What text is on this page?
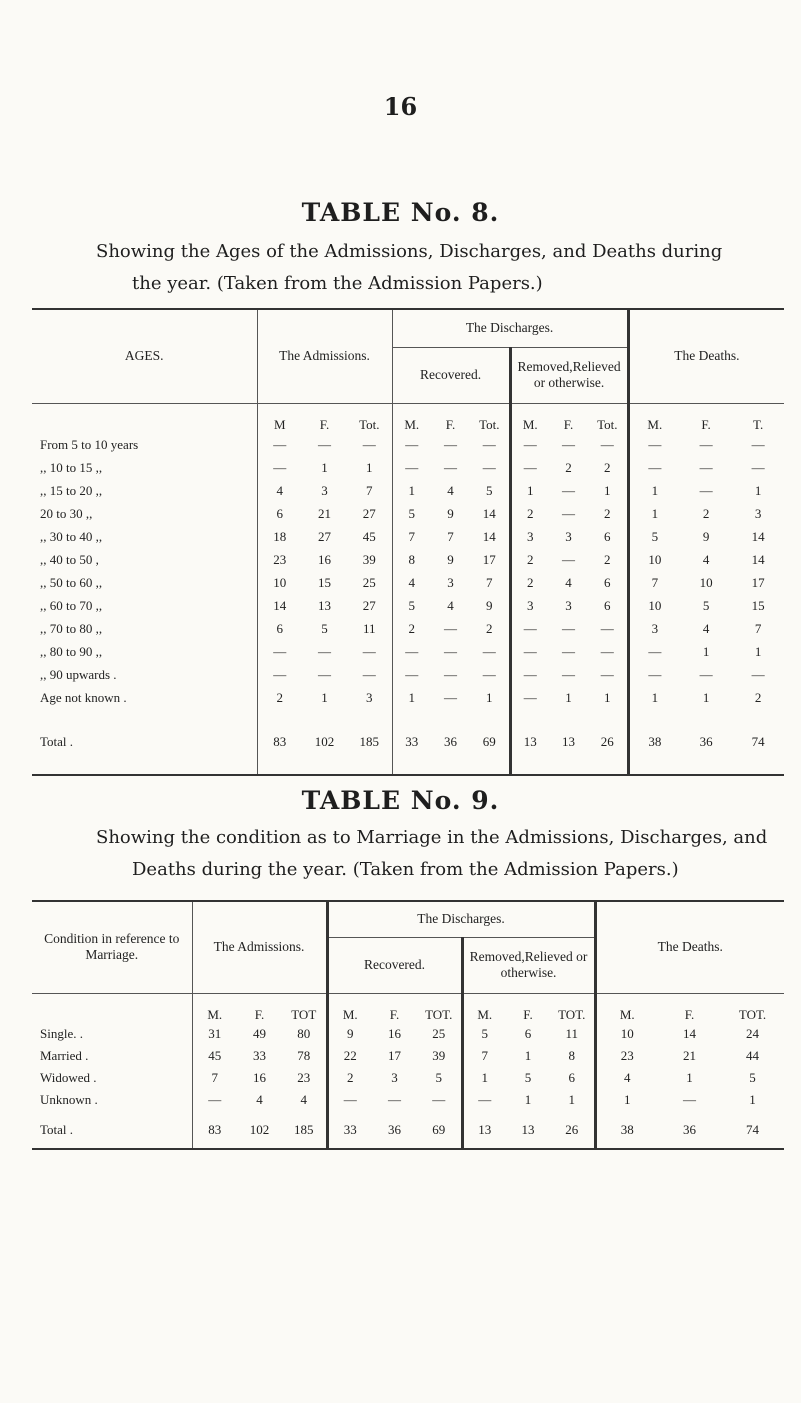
16
TABLE No. 8.
Showing the Ages of the Admissions, Discharges, and Deaths during
the year. (Taken from the Admission Papers.)
AGES.	The Admissions.			The Discharges.						The Deaths.		
				Recovered.			Removed,Relieved or otherwise.					
	M	F.	Tot.	M.	F.	Tot.	M.	F.	Tot.	M.	F.	T.
From 5 to 10 years	—	—	—	—	—	—	—	—	—	—	—	—
,, 10 to 15 ,,	—	1	1	—	—	—	—	2	2	—	—	—
,, 15 to 20 ,,	4	3	7	1	4	5	1	—	1	1	—	1
20 to 30 ,,	6	21	27	5	9	14	2	—	2	1	2	3
,, 30 to 40 ,,	18	27	45	7	7	14	3	3	6	5	9	14
,, 40 to 50 ,	23	16	39	8	9	17	2	—	2	10	4	14
,, 50 to 60 ,,	10	15	25	4	3	7	2	4	6	7	10	17
,, 60 to 70 ,,	14	13	27	5	4	9	3	3	6	10	5	15
,, 70 to 80 ,,	6	5	11	2	—	2	—	—	—	3	4	7
,, 80 to 90 ,,	—	—	—	—	—	—	—	—	—	—	1	1
,, 90 upwards .	—	—	—	—	—	—	—	—	—	—	—	—
Age not known .	2	1	3	1	—	1	—	1	1	1	1	2
Total .	83	102	185	33	36	69	13	13	26	38	36	74
TABLE No. 9.
Showing the condition as to Marriage in the Admissions, Discharges, and
Deaths during the year. (Taken from the Admission Papers.)
Condition in reference to Marriage.	The Admissions.			The Discharges.						The Deaths.		
				Recovered.			Removed,Relieved or otherwise.					
	M.	F.	TOT	M.	F.	TOT.	M.	F.	TOT.	M.	F.	TOT.
Single. .	31	49	80	9	16	25	5	6	11	10	14	24
Married .	45	33	78	22	17	39	7	1	8	23	21	44
Widowed .	7	16	23	2	3	5	1	5	6	4	1	5
Unknown .	—	4	4	—	—	—	—	1	1	1	—	1
Total .	83	102	185	33	36	69	13	13	26	38	36	74
